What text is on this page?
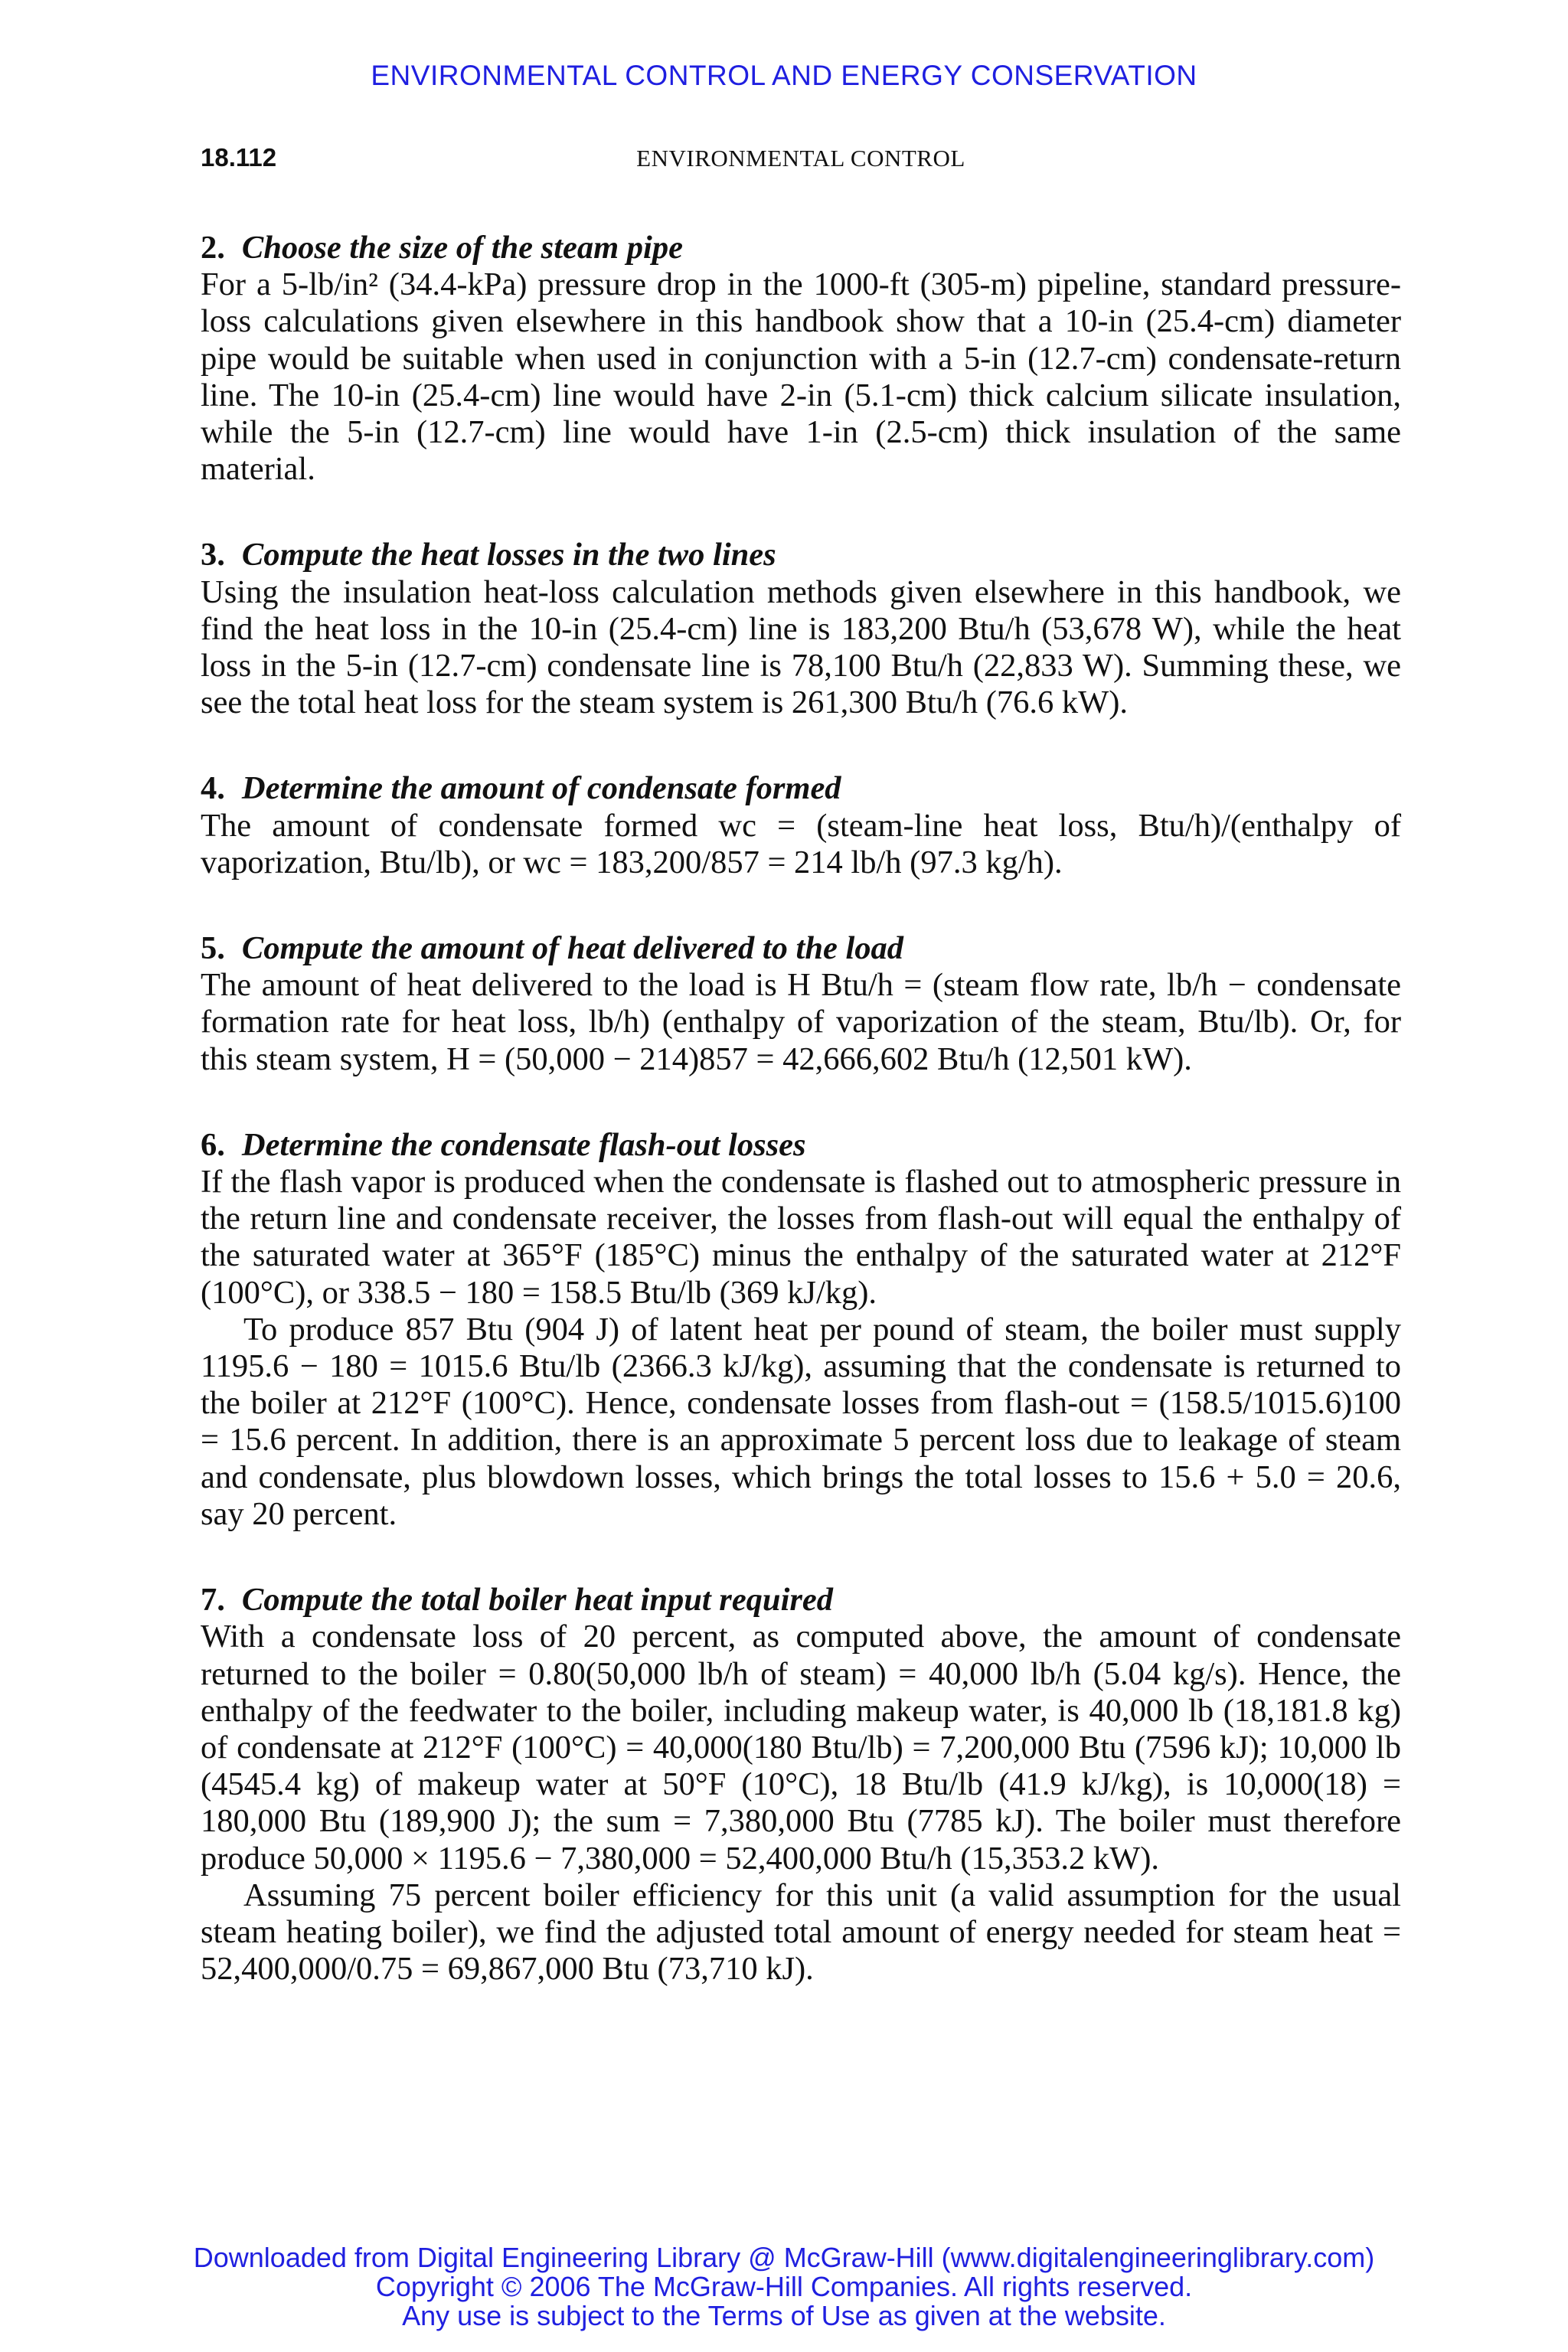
ENVIRONMENTAL CONTROL AND ENERGY CONSERVATION
18.112	ENVIRONMENTAL CONTROL
2. Choose the size of the steam pipe

For a 5-lb/in² (34.4-kPa) pressure drop in the 1000-ft (305-m) pipeline, standard pressure-loss calculations given elsewhere in this handbook show that a 10-in (25.4-cm) diameter pipe would be suitable when used in conjunction with a 5-in (12.7-cm) condensate-return line. The 10-in (25.4-cm) line would have 2-in (5.1-cm) thick calcium silicate insulation, while the 5-in (12.7-cm) line would have 1-in (2.5-cm) thick insulation of the same material.

3. Compute the heat losses in the two lines

Using the insulation heat-loss calculation methods given elsewhere in this handbook, we find the heat loss in the 10-in (25.4-cm) line is 183,200 Btu/h (53,678 W), while the heat loss in the 5-in (12.7-cm) condensate line is 78,100 Btu/h (22,833 W). Summing these, we see the total heat loss for the steam system is 261,300 Btu/h (76.6 kW).

4. Determine the amount of condensate formed

The amount of condensate formed wc = (steam-line heat loss, Btu/h)/(enthalpy of vaporization, Btu/lb), or wc = 183,200/857 = 214 lb/h (97.3 kg/h).

5. Compute the amount of heat delivered to the load

The amount of heat delivered to the load is H Btu/h = (steam flow rate, lb/h − condensate formation rate for heat loss, lb/h) (enthalpy of vaporization of the steam, Btu/lb). Or, for this steam system, H = (50,000 − 214)857 = 42,666,602 Btu/h (12,501 kW).

6. Determine the condensate flash-out losses

If the flash vapor is produced when the condensate is flashed out to atmospheric pressure in the return line and condensate receiver, the losses from flash-out will equal the enthalpy of the saturated water at 365°F (185°C) minus the enthalpy of the saturated water at 212°F (100°C), or 338.5 − 180 = 158.5 Btu/lb (369 kJ/kg).

To produce 857 Btu (904 J) of latent heat per pound of steam, the boiler must supply 1195.6 − 180 = 1015.6 Btu/lb (2366.3 kJ/kg), assuming that the condensate is returned to the boiler at 212°F (100°C). Hence, condensate losses from flash-out = (158.5/1015.6)100 = 15.6 percent. In addition, there is an approximate 5 percent loss due to leakage of steam and condensate, plus blowdown losses, which brings the total losses to 15.6 + 5.0 = 20.6, say 20 percent.

7. Compute the total boiler heat input required

With a condensate loss of 20 percent, as computed above, the amount of condensate returned to the boiler = 0.80(50,000 lb/h of steam) = 40,000 lb/h (5.04 kg/s). Hence, the enthalpy of the feedwater to the boiler, including makeup water, is 40,000 lb (18,181.8 kg) of condensate at 212°F (100°C) = 40,000(180 Btu/lb) = 7,200,000 Btu (7596 kJ); 10,000 lb (4545.4 kg) of makeup water at 50°F (10°C), 18 Btu/lb (41.9 kJ/kg), is 10,000(18) = 180,000 Btu (189,900 J); the sum = 7,380,000 Btu (7785 kJ). The boiler must therefore produce 50,000 × 1195.6 − 7,380,000 = 52,400,000 Btu/h (15,353.2 kW).

Assuming 75 percent boiler efficiency for this unit (a valid assumption for the usual steam heating boiler), we find the adjusted total amount of energy needed for steam heat = 52,400,000/0.75 = 69,867,000 Btu (73,710 kJ).

Downloaded from Digital Engineering Library @ McGraw-Hill (www.digitalengineeringlibrary.com)
Copyright © 2006 The McGraw-Hill Companies. All rights reserved.
Any use is subject to the Terms of Use as given at the website.
